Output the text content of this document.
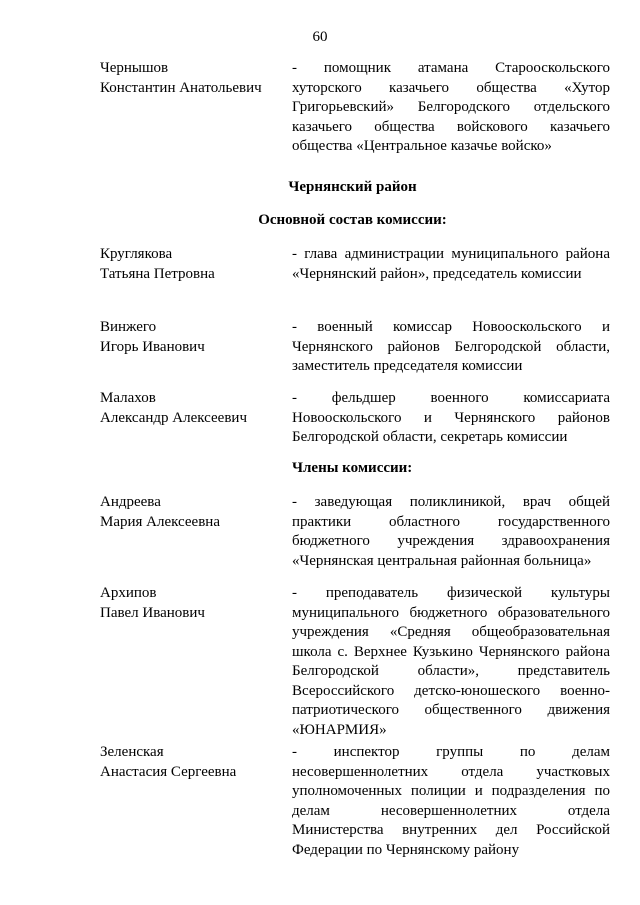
60
Чернышов
Константин Анатольевич

- помощник атамана Старооскольского хуторского казачьего общества «Хутор Григорьевский» Белгородского отдельского казачьего общества войскового казачьего общества «Центральное казачье войско»

Чернянский район
Основной состав комиссии:
Круглякова
Татьяна Петровна

- глава администрации муниципального района «Чернянский район», председатель комиссии

Винжего
Игорь Иванович

- военный комиссар Новооскольского и Чернянского районов Белгородской области, заместитель председателя комиссии

Малахов
Александр Алексеевич

- фельдшер военного комиссариата Новооскольского и Чернянского районов Белгородской области, секретарь комиссии

Члены комиссии:
Андреева
Мария Алексеевна

- заведующая поликлиникой, врач общей практики областного государственного бюджетного учреждения здравоохранения «Чернянская центральная районная больница»

Архипов
Павел Иванович

- преподаватель физической культуры муниципального бюджетного образовательного учреждения «Средняя общеобразовательная школа с. Верхнее Кузькино Чернянского района Белгородской области», представитель Всероссийского детско-юношеского военно-патриотического общественного движения «ЮНАРМИЯ»

Зеленская
Анастасия Сергеевна

- инспектор группы по делам несовершеннолетних отдела участковых уполномоченных полиции и подразделения по делам несовершеннолетних отдела Министерства внутренних дел Российской Федерации по Чернянскому району
